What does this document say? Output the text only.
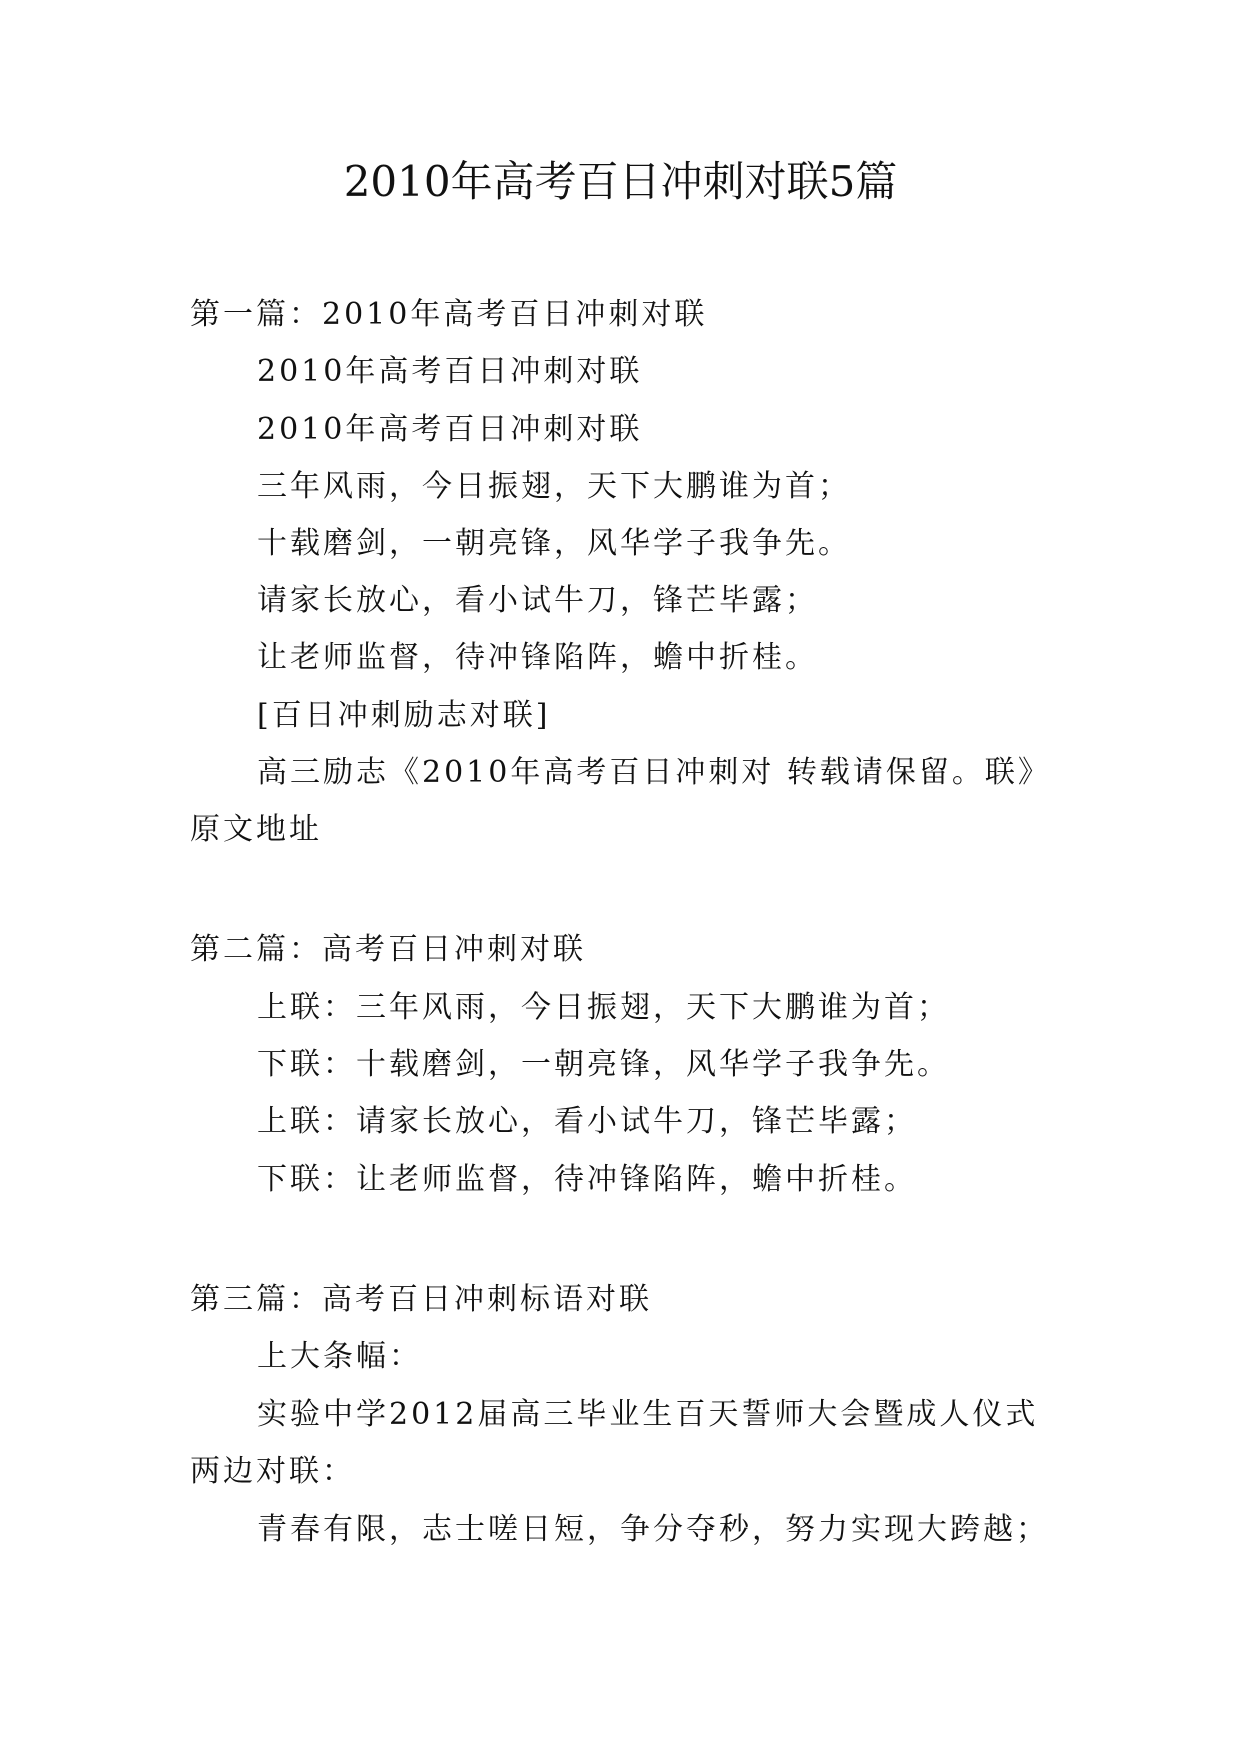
2010年高考百日冲刺对联5篇
第一篇：2010年高考百日冲刺对联
2010年高考百日冲刺对联
2010年高考百日冲刺对联
三年风雨，今日振翅，天下大鹏谁为首；
十载磨剑，一朝亮锋，风华学子我争先。
请家长放心，看小试牛刀，锋芒毕露；
让老师监督，待冲锋陷阵，蟾中折桂。
[百日冲刺励志对联]
高三励志《2010年高考百日冲刺对 转载请保留。联》
原文地址
第二篇：高考百日冲刺对联
上联：三年风雨，今日振翅，天下大鹏谁为首；
下联：十载磨剑，一朝亮锋，风华学子我争先。
上联：请家长放心，看小试牛刀，锋芒毕露；
下联：让老师监督，待冲锋陷阵，蟾中折桂。
第三篇：高考百日冲刺标语对联
上大条幅：
实验中学2012届高三毕业生百天誓师大会暨成人仪式
两边对联：
青春有限，志士嗟日短，争分夺秒，努力实现大跨越；
